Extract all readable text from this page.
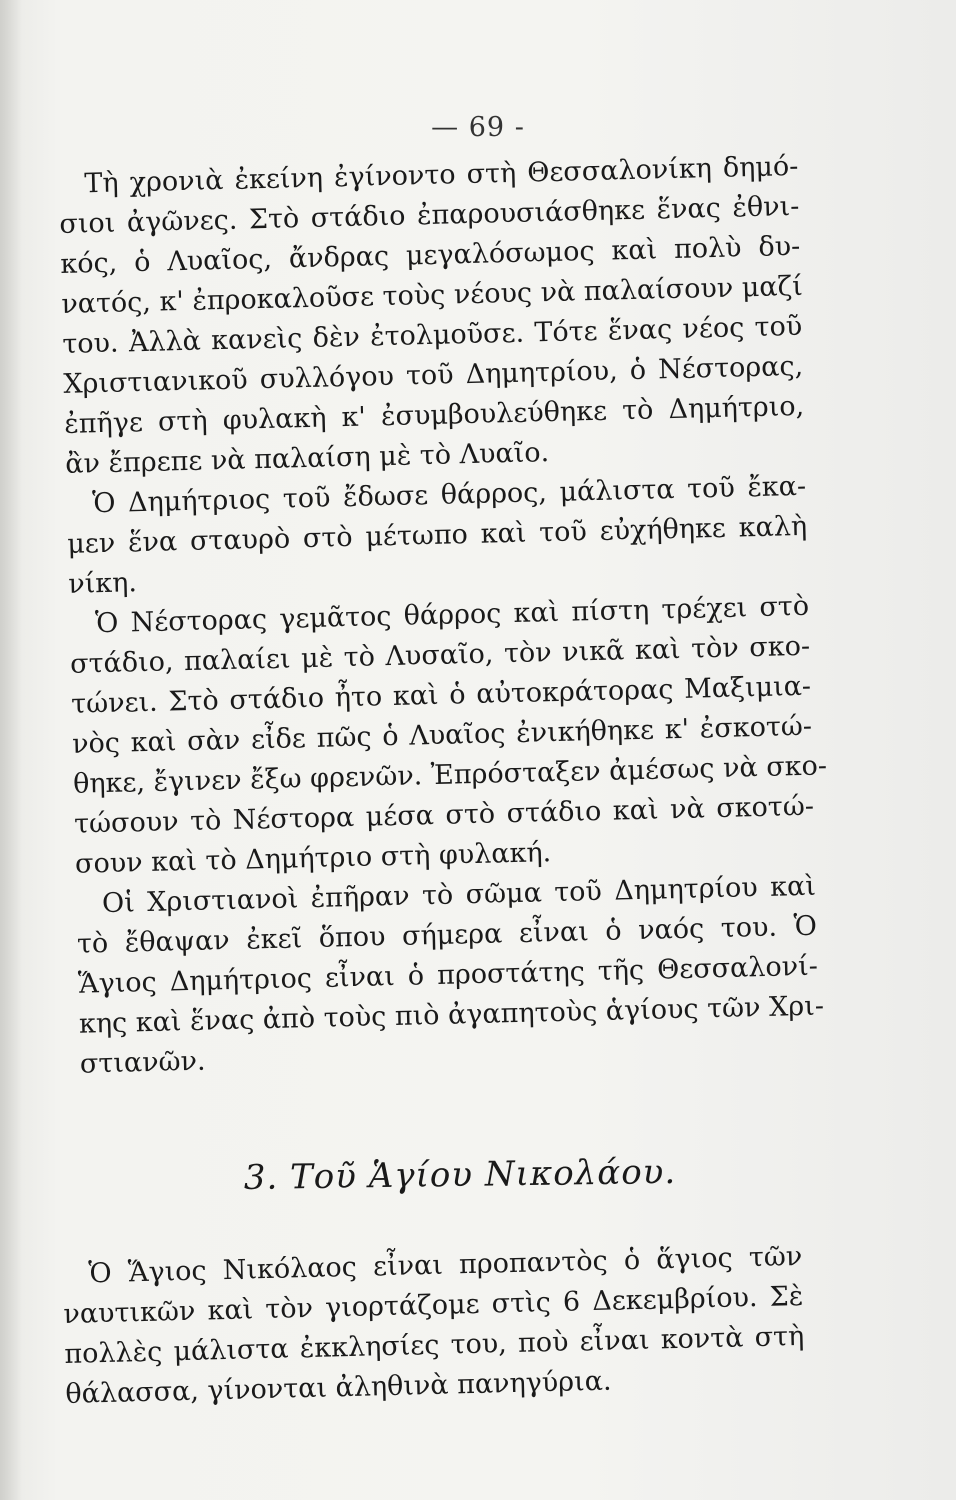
— 69 -
Τὴ χρονιὰ ἐκείνη ἐγίνοντο στὴ Θεσσαλονίκη δημό-
σιοι ἀγῶνες. Στὸ στάδιο ἐπαρουσιάσθηκε ἕνας ἐθνι-
κός, ὁ Λυαῖος, ἄνδρας μεγαλόσωμος καὶ πολὺ δυ-
νατός, κ' ἐπροκαλοῦσε τοὺς νέους νὰ παλαίσουν μαζί
του. Ἀλλὰ κανεὶς δὲν ἐτολμοῦσε. Τότε ἕνας νέος τοῦ
Χριστιανικοῦ συλλόγου τοῦ Δημητρίου, ὁ Νέστορας,
ἐπῆγε στὴ φυλακὴ κ' ἐσυμβουλεύθηκε τὸ Δημήτριο,
ἂν ἔπρεπε νὰ παλαίση μὲ τὸ Λυαῖο.
Ὁ Δημήτριος τοῦ ἔδωσε θάρρος, μάλιστα τοῦ ἔκα-
μεν ἕνα σταυρὸ στὸ μέτωπο καὶ τοῦ εὐχήθηκε καλὴ
νίκη.
Ὁ Νέστορας γεμᾶτος θάρρος καὶ πίστη τρέχει στὸ
στάδιο, παλαίει μὲ τὸ Λυσαῖο, τὸν νικᾶ καὶ τὸν σκο-
τώνει. Στὸ στάδιο ἦτο καὶ ὁ αὐτοκράτορας Μαξιμια-
νὸς καὶ σὰν εἶδε πῶς ὁ Λυαῖος ἐνικήθηκε κ' ἐσκοτώ-
θηκε, ἔγινεν ἔξω φρενῶν. Ἐπρόσταξεν ἀμέσως νὰ σκο-
τώσουν τὸ Νέστορα μέσα στὸ στάδιο καὶ νὰ σκοτώ-
σουν καὶ τὸ Δημήτριο στὴ φυλακή.
Οἱ Χριστιανοὶ ἐπῆραν τὸ σῶμα τοῦ Δημητρίου καὶ
τὸ ἔθαψαν ἐκεῖ ὅπου σήμερα εἶναι ὁ ναός του. Ὁ
Ἅγιος Δημήτριος εἶναι ὁ προστάτης τῆς Θεσσαλονί-
κης καὶ ἕνας ἀπὸ τοὺς πιὸ ἀγαπητοὺς ἁγίους τῶν Χρι-
στιανῶν.
3. Τοῦ Ἁγίου Νικολάου.
Ὁ Ἅγιος Νικόλαος εἶναι προπαντὸς ὁ ἅγιος τῶν
ναυτικῶν καὶ τὸν γιορτάζομε στὶς 6 Δεκεμβρίου. Σὲ
πολλὲς μάλιστα ἐκκλησίες του, ποὺ εἶναι κοντὰ στὴ
θάλασσα, γίνονται ἀληθινὰ πανηγύρια.
